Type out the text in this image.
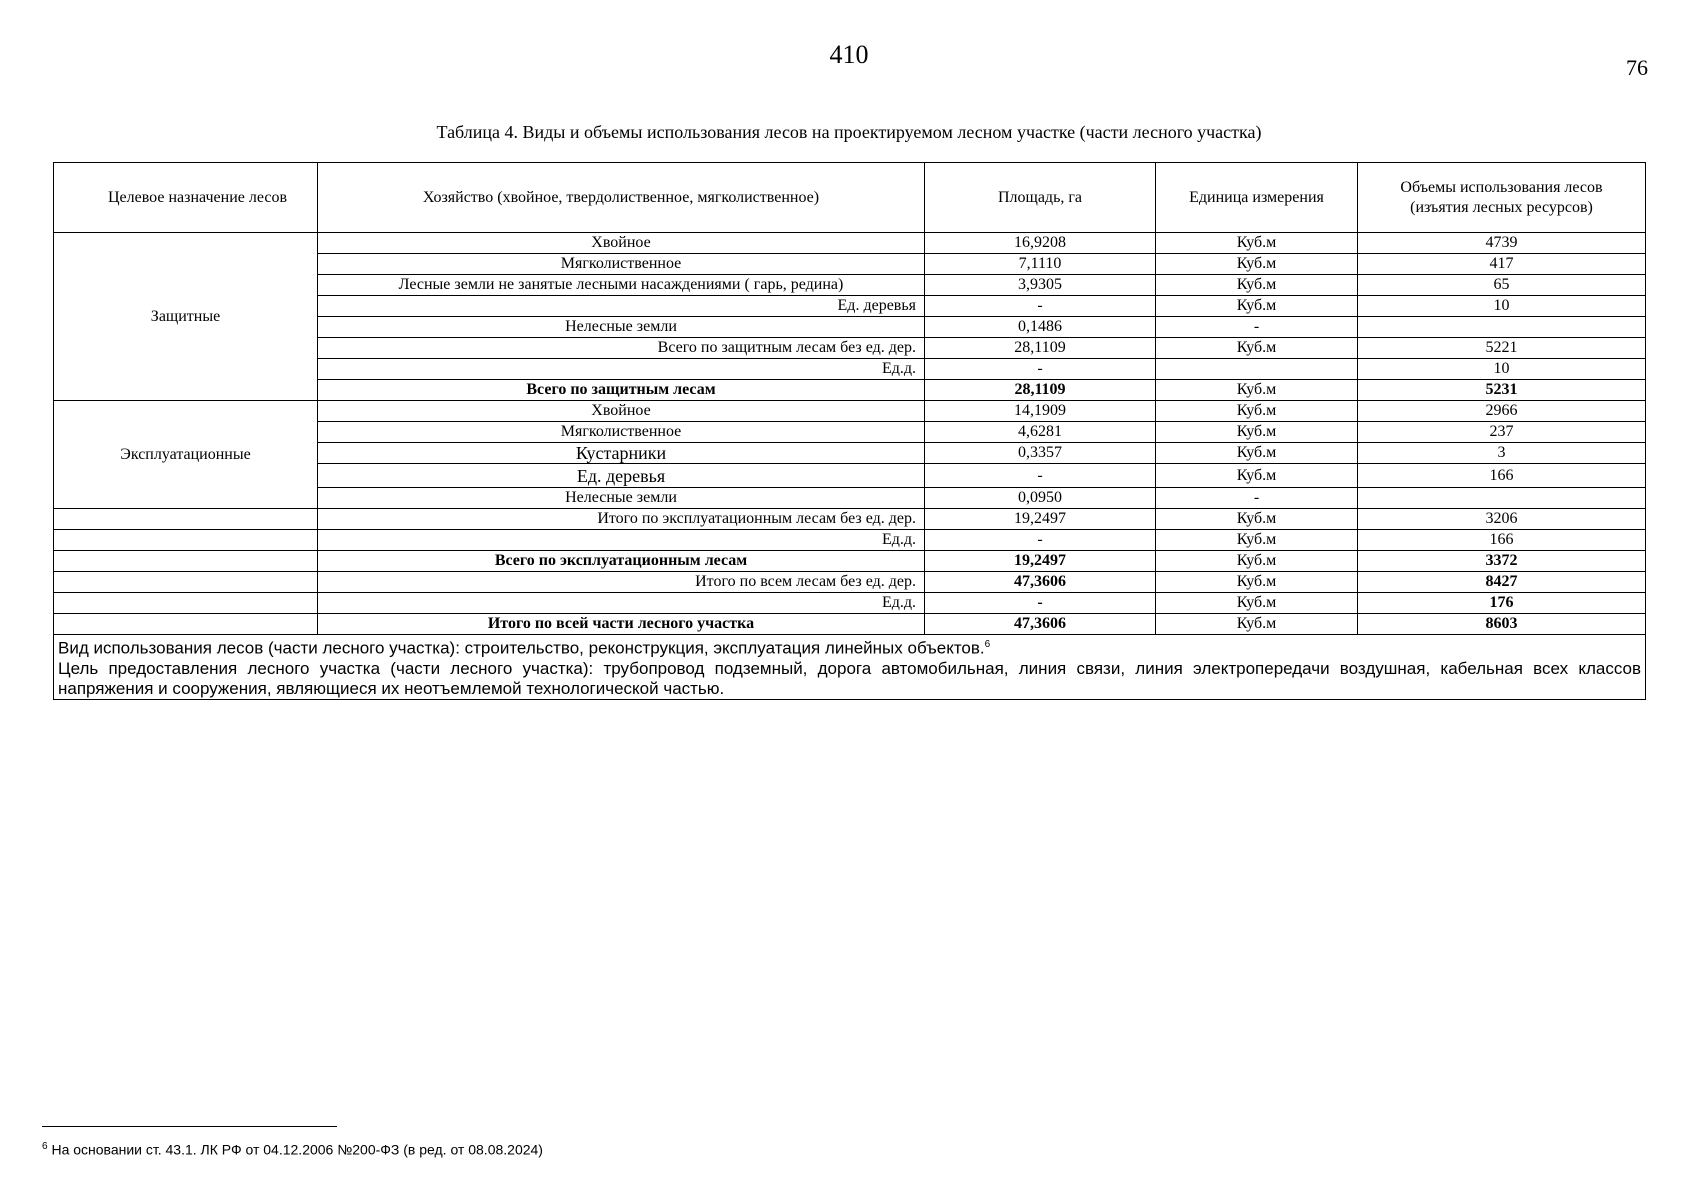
410	76
Таблица 4. Виды и объемы использования лесов на проектируемом лесном участке (части лесного участка)
Целевое назначение лесов	Хозяйство (хвойное, твердолиственное, мягколиственное)	Площадь, га	Единица измерения	Объемы использования лесов (изъятия лесных ресурсов)
Защитные	Хвойное	16,9208	Куб.м	4739
	Мягколиственное	7,1110	Куб.м	417
	Лесные земли не занятые лесными насаждениями ( гарь, редина)	3,9305	Куб.м	65
	Ед. деревья	-	Куб.м	10
	Нелесные земли	0,1486	-	
	Всего по защитным лесам без ед. дер.	28,1109	Куб.м	5221
	Ед.д.	-		10
	Всего по защитным лесам	28,1109	Куб.м	5231
Эксплуатационные	Хвойное	14,1909	Куб.м	2966
	Мягколиственное	4,6281	Куб.м	237
	Кустарники	0,3357	Куб.м	3
	Ед. деревья	-	Куб.м	166
	Нелесные земли	0,0950	-	
	Итого по эксплуатационным лесам без ед. дер.	19,2497	Куб.м	3206
	Ед.д.	-	Куб.м	166
	Всего по эксплуатационным лесам	19,2497	Куб.м	3372
	Итого по всем лесам без ед. дер.	47,3606	Куб.м	8427
	Ед.д.	-	Куб.м	176
	Итого по всей части лесного участка	47,3606	Куб.м	8603

Вид использования лесов (части лесного участка): строительство, реконструкция, эксплуатация линейных объектов.$^6$

Цель предоставления лесного участка (части лесного участка): трубопровод подземный, дорога автомобильная, линия связи, линия электропередачи воздушная, кабельная всех классов напряжения и сооружения, являющиеся их неотъемлемой технологической частью.				

$^6$ На основании ст. 43.1. ЛК РФ от 04.12.2006 №200-ФЗ (в ред. от 08.08.2024)
